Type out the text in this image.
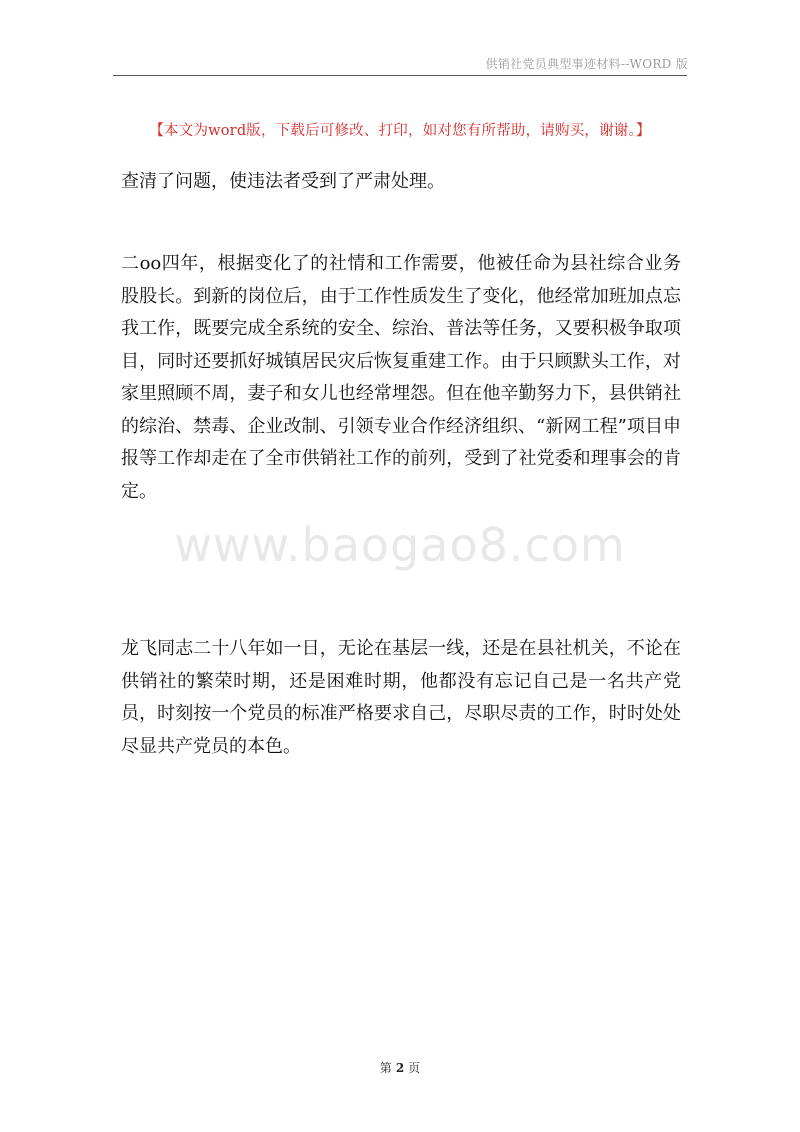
供销社党员典型事迹材料--WORD 版
【本文为word版，下载后可修改、打印，如对您有所帮助，请购买，谢谢。】

查清了问题，使违法者受到了严肃处理。

二oo四年，根据变化了的社情和工作需要，他被任命为县社综合业务股股长。到新的岗位后，由于工作性质发生了变化，他经常加班加点忘我工作，既要完成全系统的安全、综治、普法等任务，又要积极争取项目，同时还要抓好城镇居民灾后恢复重建工作。由于只顾默头工作，对家里照顾不周，妻子和女儿也经常埋怨。但在他辛勤努力下，县供销社的综治、禁毒、企业改制、引领专业合作经济组织、“新网工程”项目申报等工作却走在了全市供销社工作的前列，受到了社党委和理事会的肯定。

龙飞同志二十八年如一日，无论在基层一线，还是在县社机关，不论在供销社的繁荣时期，还是困难时期，他都没有忘记自己是一名共产党员，时刻按一个党员的标准严格要求自己，尽职尽责的工作，时时处处尽显共产党员的本色。

www.baogao8.com
第 2 页
